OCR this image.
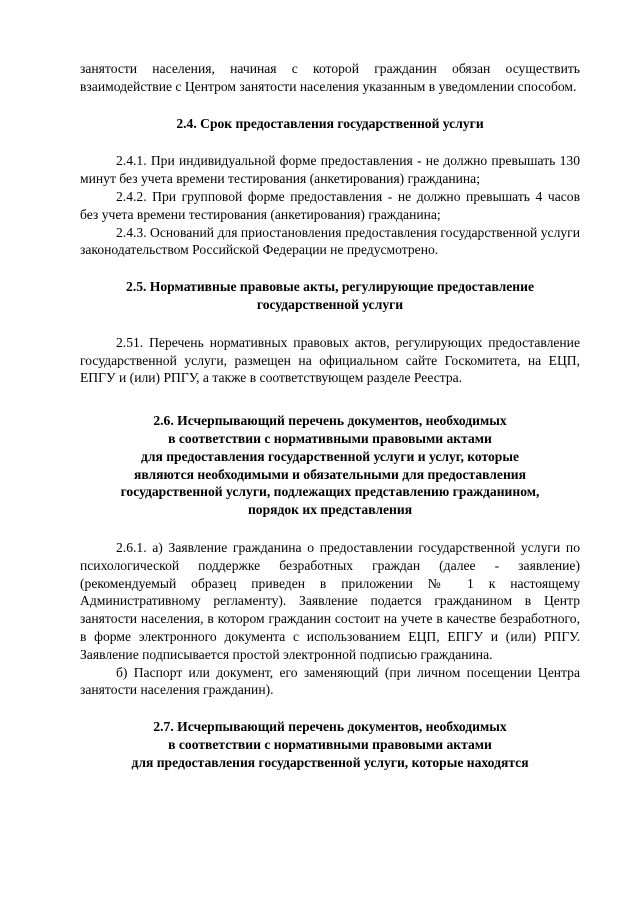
занятости населения, начиная с которой гражданин обязан осуществить взаимодействие с Центром занятости населения указанным в уведомлении способом.

2.4. Срок предоставления государственной услуги

2.4.1. При индивидуальной форме предоставления - не должно превышать 130 минут без учета времени тестирования (анкетирования) гражданина;

2.4.2. При групповой форме предоставления - не должно превышать 4 часов без учета времени тестирования (анкетирования) гражданина;

2.4.3. Оснований для приостановления предоставления государственной услуги законодательством Российской Федерации не предусмотрено.

2.5. Нормативные правовые акты, регулирующие предоставление
государственной услуги

2.51. Перечень нормативных правовых актов, регулирующих предоставление государственной услуги, размещен на официальном сайте Госкомитета, на ЕЦП, ЕПГУ и (или) РПГУ, а также в соответствующем разделе Реестра.

2.6. Исчерпывающий перечень документов, необходимых
в соответствии с нормативными правовыми актами
для предоставления государственной услуги и услуг, которые
являются необходимыми и обязательными для предоставления
государственной услуги, подлежащих представлению гражданином,
порядок их представления

2.6.1. а) Заявление гражданина о предоставлении государственной услуги по психологической поддержке безработных граждан (далее - заявление) (рекомендуемый образец приведен в приложении № 1 к настоящему Административному регламенту). Заявление подается гражданином в Центр занятости населения, в котором гражданин состоит на учете в качестве безработного, в форме электронного документа с использованием ЕЦП, ЕПГУ и (или) РПГУ. Заявление подписывается простой электронной подписью гражданина.

б) Паспорт или документ, его заменяющий (при личном посещении Центра занятости населения гражданин).

2.7. Исчерпывающий перечень документов, необходимых
в соответствии с нормативными правовыми актами
для предоставления государственной услуги, которые находятся
